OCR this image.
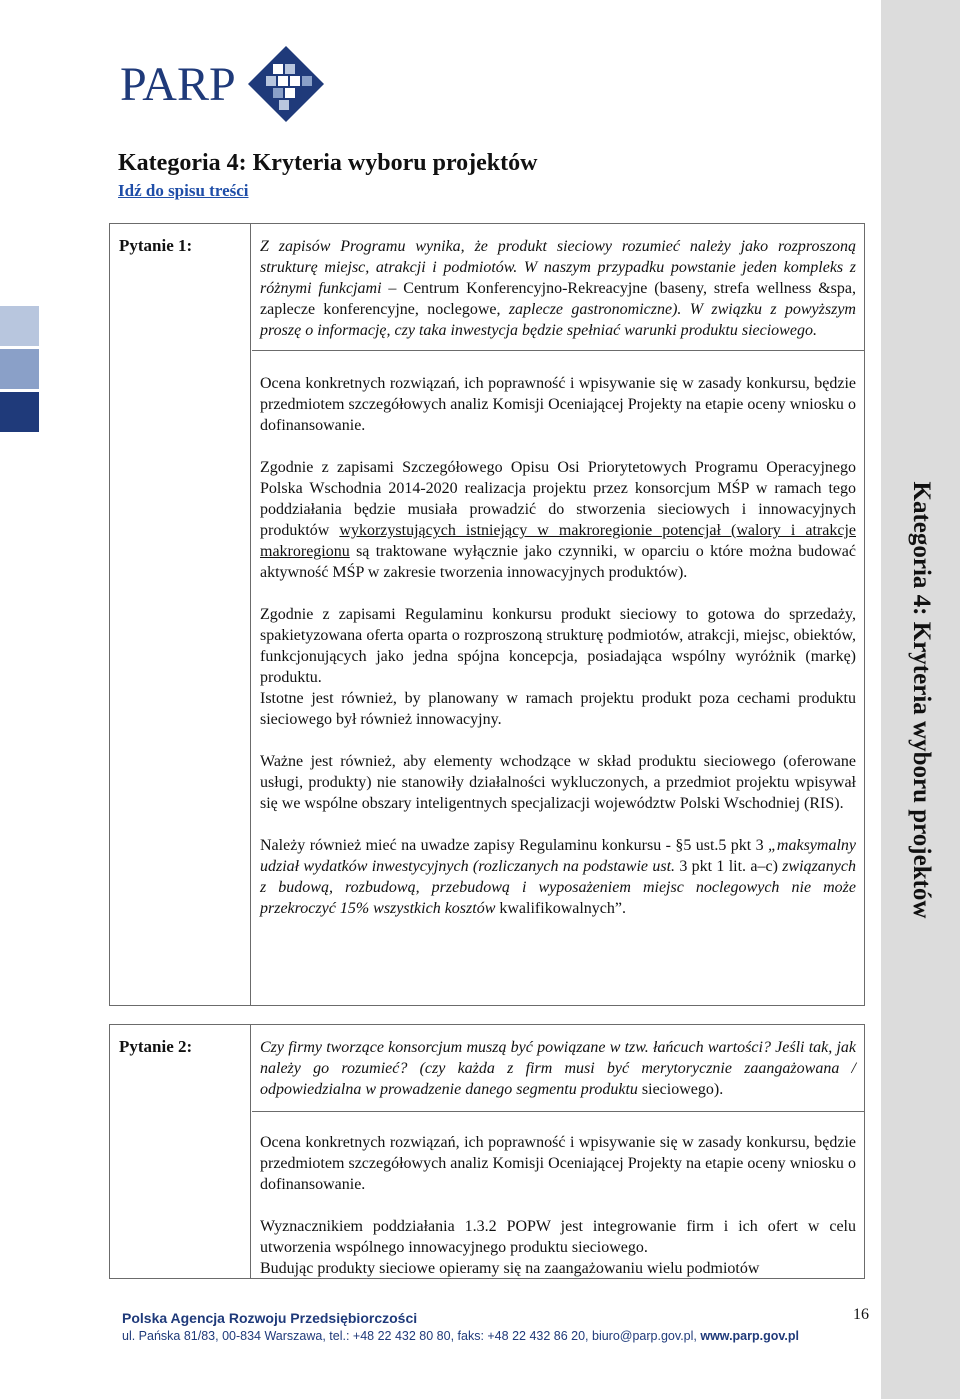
Kategoria 4: Kryteria wyboru projektów
PARP
Kategoria 4: Kryteria wyboru projektów
Idź do spisu treści
Pytanie 1:	Z zapisów Programu wynika, że produkt sieciowy rozumieć należy jako rozproszoną strukturę miejsc, atrakcji i podmiotów. W naszym przypadku powstanie jeden kompleks z różnymi funkcjami – Centrum Konferencyjno-Rekreacyjne (baseny, strefa wellness &spa, zaplecze konferencyjne, noclegowe, zaplecze gastronomiczne). W związku z powyższym proszę o informację, czy taka inwestycja będzie spełniać warunki produktu sieciowego.

Ocena konkretnych rozwiązań, ich poprawność i wpisywanie się w zasady konkursu, będzie przedmiotem szczegółowych analiz Komisji Oceniającej Projekty na etapie oceny wniosku o dofinansowanie.

Zgodnie z zapisami Szczegółowego Opisu Osi Priorytetowych Programu Operacyjnego Polska Wschodnia 2014-2020 realizacja projektu przez konsorcjum MŚP w ramach tego poddziałania będzie musiała prowadzić do stworzenia sieciowych i innowacyjnych produktów wykorzystujących istniejący w makroregionie potencjał (walory i atrakcje makroregionu są traktowane wyłącznie jako czynniki, w oparciu o które można budować aktywność MŚP w zakresie tworzenia innowacyjnych produktów).

Zgodnie z zapisami Regulaminu konkursu produkt sieciowy to gotowa do sprzedaży, spakietyzowana oferta oparta o rozproszoną strukturę podmiotów, atrakcji, miejsc, obiektów, funkcjonujących jako jedna spójna koncepcja, posiadająca wspólny wyróżnik (markę) produktu.

Istotne jest również, by planowany w ramach projektu produkt poza cechami produktu sieciowego był również innowacyjny.

Ważne jest również, aby elementy wchodzące w skład produktu sieciowego (oferowane usługi, produkty) nie stanowiły działalności wykluczonych, a przedmiot projektu wpisywał się we wspólne obszary inteligentnych specjalizacji województw Polski Wschodniej (RIS).

Należy również mieć na uwadze zapisy Regulaminu konkursu - §5 ust.5 pkt 3 „maksymalny udział wydatków inwestycyjnych (rozliczanych na podstawie ust. 3 pkt 1 lit. a–c) związanych z budową, rozbudową, przebudową i wyposażeniem miejsc noclegowych nie może przekroczyć 15% wszystkich kosztów kwalifikowalnych”.

Pytanie 2:	Czy firmy tworzące konsorcjum muszą być powiązane w tzw. łańcuch wartości? Jeśli tak, jak należy go rozumieć? (czy każda z firm musi być merytorycznie zaangażowana / odpowiedzialna w prowadzenie danego segmentu produktu sieciowego).

Ocena konkretnych rozwiązań, ich poprawność i wpisywanie się w zasady konkursu, będzie przedmiotem szczegółowych analiz Komisji Oceniającej Projekty na etapie oceny wniosku o dofinansowanie.

Wyznacznikiem poddziałania 1.3.2 POPW jest integrowanie firm i ich ofert w celu utworzenia wspólnego innowacyjnego produktu sieciowego.

Budując produkty sieciowe opieramy się na zaangażowaniu wielu podmiotów

Polska Agencja Rozwoju Przedsiębiorczości
ul. Pańska 81/83, 00-834 Warszawa, tel.: +48 22 432 80 80, faks: +48 22 432 86 20, biuro@parp.gov.pl, www.parp.gov.pl
16
